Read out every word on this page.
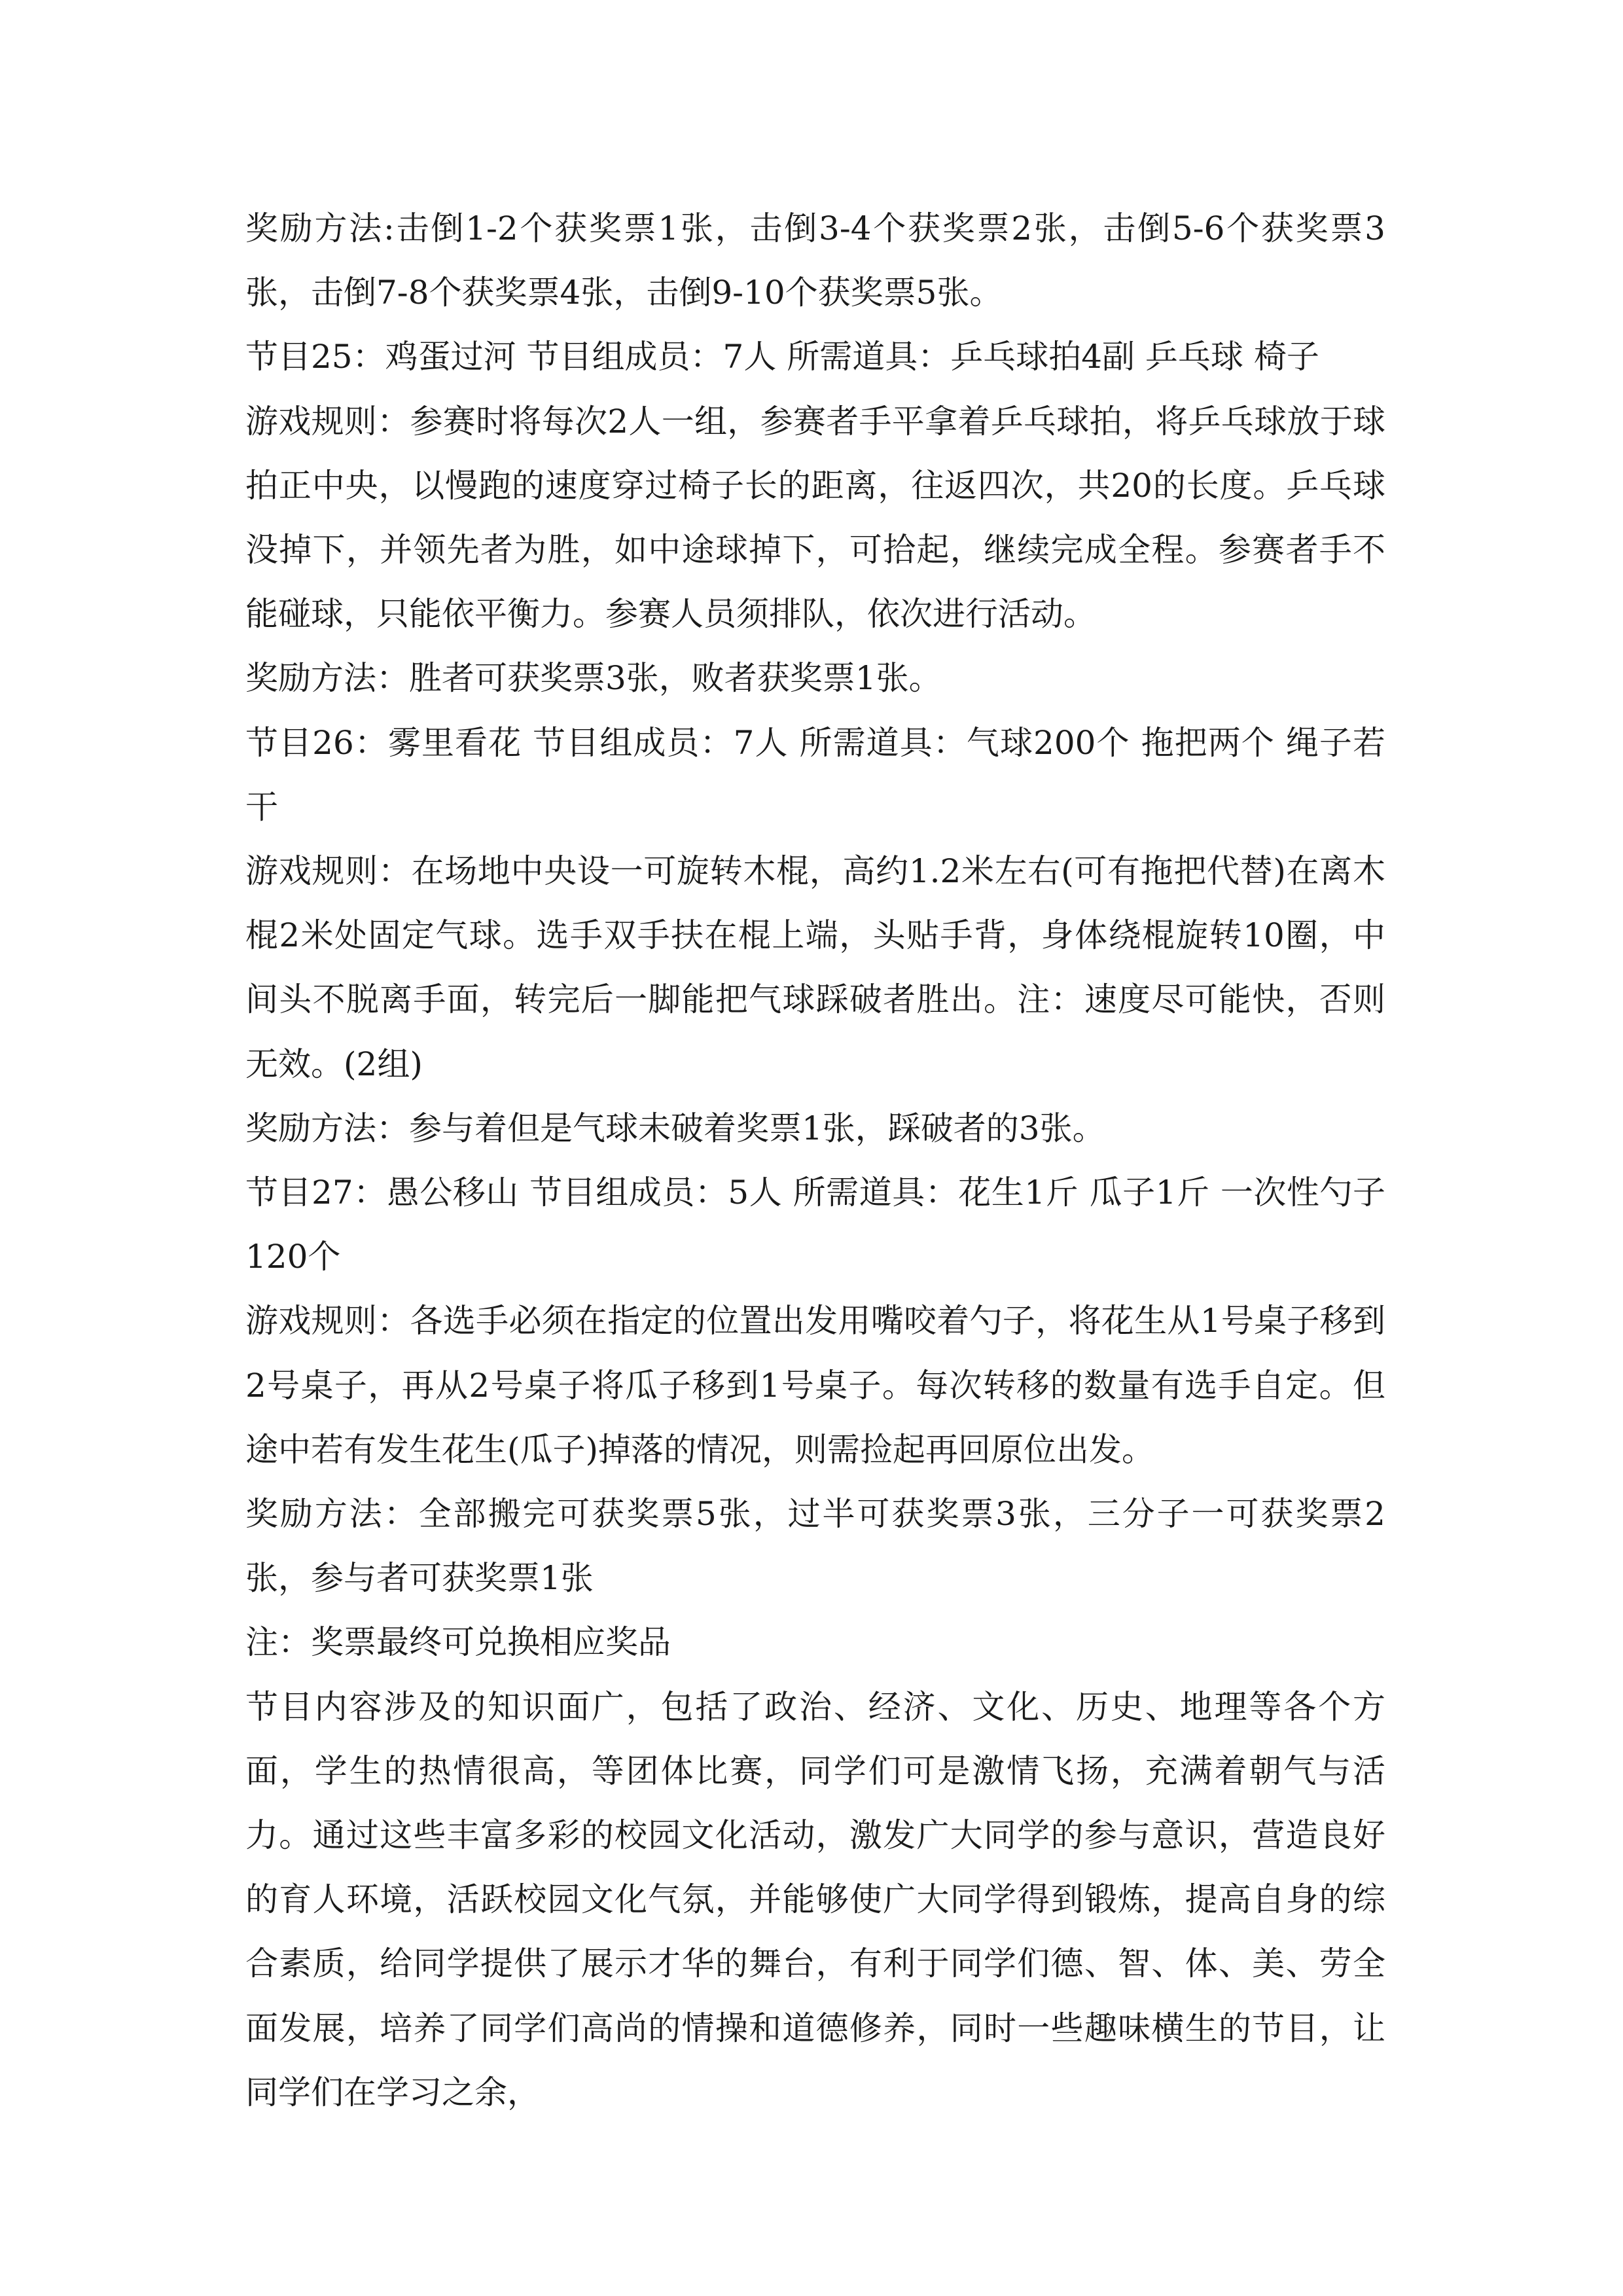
奖励方法:击倒1-2个获奖票1张，击倒3-4个获奖票2张，击倒5-6个获奖票3张，击倒7-8个获奖票4张，击倒9-10个获奖票5张。

节目25：鸡蛋过河 节目组成员：7人 所需道具：乒乓球拍4副 乒乓球 椅子

游戏规则：参赛时将每次2人一组，参赛者手平拿着乒乓球拍，将乒乓球放于球拍正中央，以慢跑的速度穿过椅子长的距离，往返四次，共20的长度。乒乓球没掉下，并领先者为胜，如中途球掉下，可拾起，继续完成全程。参赛者手不能碰球，只能依平衡力。参赛人员须排队，依次进行活动。

奖励方法：胜者可获奖票3张，败者获奖票1张。

节目26：雾里看花 节目组成员：7人 所需道具：气球200个 拖把两个 绳子若干

游戏规则：在场地中央设一可旋转木棍，高约1.2米左右(可有拖把代替)在离木棍2米处固定气球。选手双手扶在棍上端，头贴手背，身体绕棍旋转10圈，中间头不脱离手面，转完后一脚能把气球踩破者胜出。注：速度尽可能快，否则无效。(2组)

奖励方法：参与着但是气球未破着奖票1张，踩破者的3张。

节目27：愚公移山 节目组成员：5人 所需道具：花生1斤 瓜子1斤 一次性勺子120个

游戏规则：各选手必须在指定的位置出发用嘴咬着勺子，将花生从1号桌子移到2号桌子，再从2号桌子将瓜子移到1号桌子。每次转移的数量有选手自定。但途中若有发生花生(瓜子)掉落的情况，则需捡起再回原位出发。

奖励方法：全部搬完可获奖票5张，过半可获奖票3张，三分子一可获奖票2张，参与者可获奖票1张

注：奖票最终可兑换相应奖品

节目内容涉及的知识面广，包括了政治、经济、文化、历史、地理等各个方面，学生的热情很高，等团体比赛，同学们可是激情飞扬，充满着朝气与活力。通过这些丰富多彩的校园文化活动，激发广大同学的参与意识，营造良好的育人环境，活跃校园文化气氛，并能够使广大同学得到锻炼，提高自身的综合素质，给同学提供了展示才华的舞台，有利于同学们德、智、体、美、劳全面发展，培养了同学们高尚的情操和道德修养，同时一些趣味横生的节目，让同学们在学习之余，
